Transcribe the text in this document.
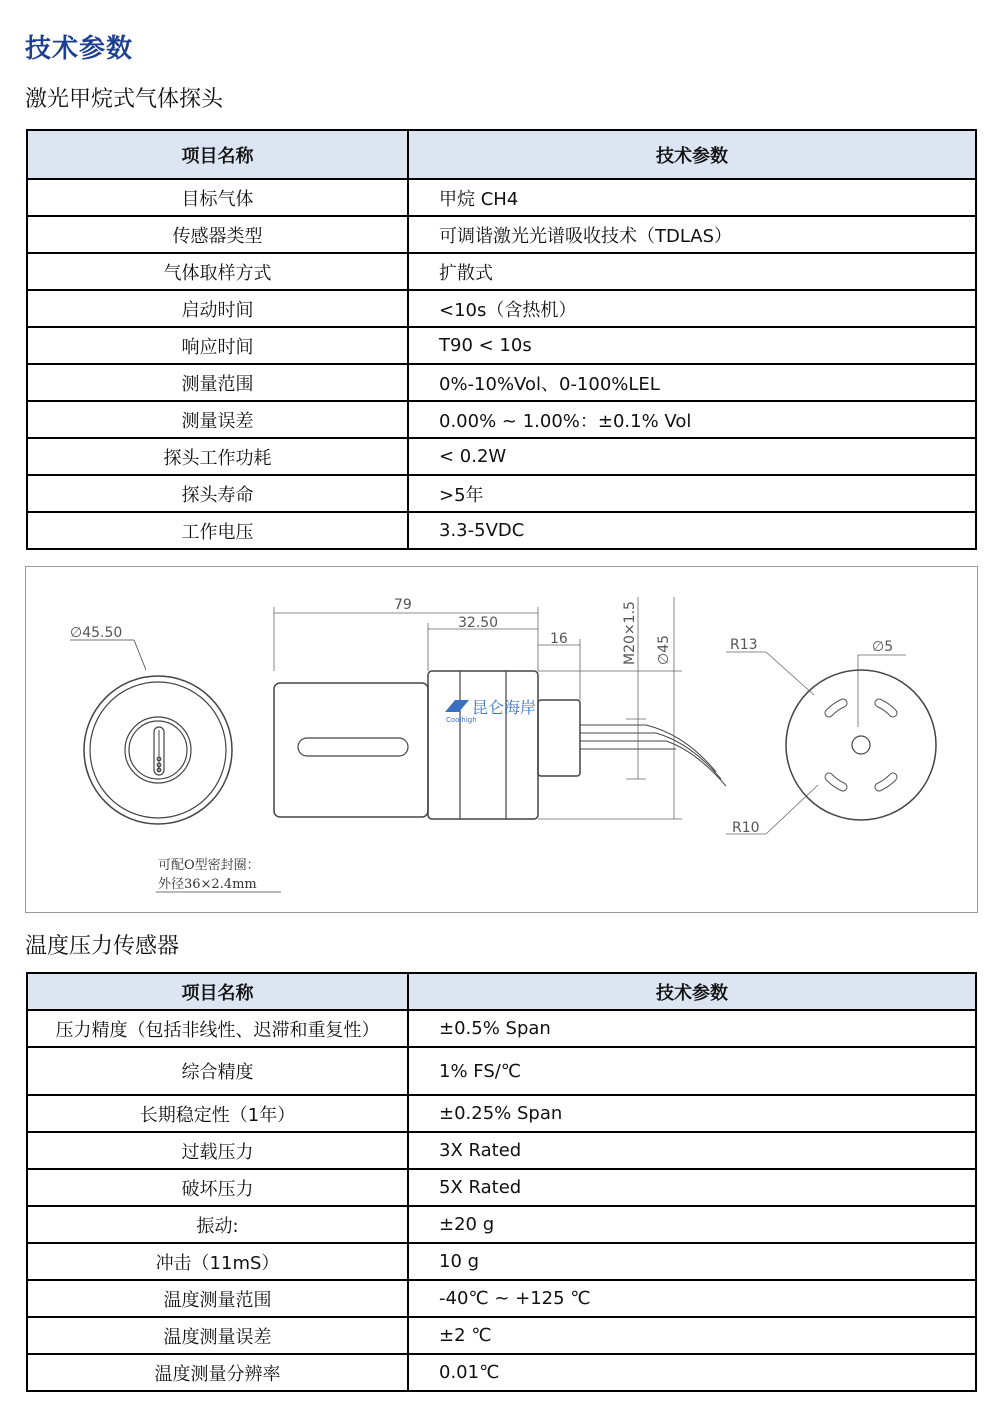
技术参数
激光甲烷式气体探头
项目名称	技术参数
目标气体	甲烷 CH4
传感器类型	可调谐激光光谱吸收技术（TDLAS）
气体取样方式	扩散式
启动时间	<10s（含热机）
响应时间	T90 < 10s
测量范围	0%-10%Vol、0-100%LEL
测量误差	0.00% ~ 1.00%：±0.1% Vol
探头工作功耗	< 0.2W
探头寿命	>5年
工作电压	3.3-5VDC
昆仑海岸
Coolhigh
∅45.50
79
32.50
16	M20×1.5 ∅45	R13	∅5
R10
可配O型密封圈：
外径36×2.4mm
温度压力传感器
项目名称	技术参数
压力精度（包括非线性、迟滞和重复性）	±0.5% Span
综合精度	1% FS/℃
长期稳定性（1年）	±0.25% Span
过载压力	3X Rated
破坏压力	5X Rated
振动:	±20 g
冲击（11mS）	10 g
温度测量范围	-40℃ ~ +125 ℃
温度测量误差	±2 ℃
温度测量分辨率	0.01℃
